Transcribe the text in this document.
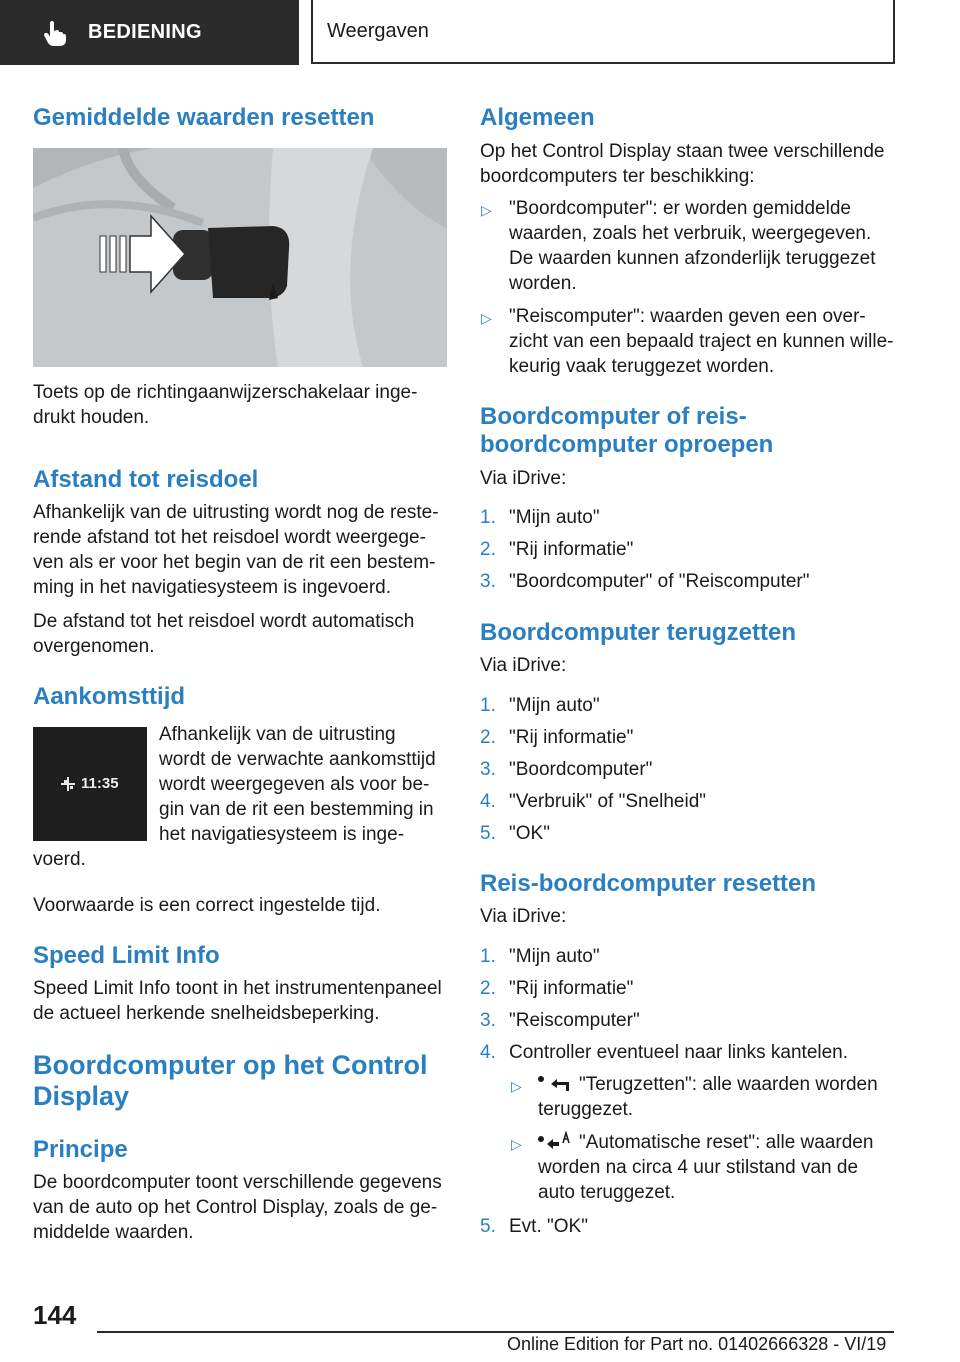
BEDIENING	Weergaven
Gemiddelde waarden resetten

Toets op de richtingaanwijzerschakelaar inge-

drukt houden.

Afstand tot reisdoel

Afhankelijk van de uitrusting wordt nog de reste-

rende afstand tot het reisdoel wordt weergege-

ven als er voor het begin van de rit een bestem-

ming in het navigatiesysteem is ingevoerd.

De afstand tot het reisdoel wordt automatisch

overgenomen.

Aankomsttijd
11:35

Afhankelijk van de uitrusting

wordt de verwachte aankomsttijd

wordt weergegeven als voor be-

gin van de rit een bestemming in

het navigatiesysteem is inge-

voerd.

Voorwaarde is een correct ingestelde tijd.

Speed Limit Info

Speed Limit Info toont in het instrumentenpaneel

de actueel herkende snelheidsbeperking.

Boordcomputer op het Control
Display
Principe

De boordcomputer toont verschillende gegevens

van de auto op het Control Display, zoals de ge-

middelde waarden.

Algemeen

Op het Control Display staan twee verschillende

boordcomputers ter beschikking:

▷ "Boordcomputer": er worden gemiddelde

waarden, zoals het verbruik, weergegeven.

De waarden kunnen afzonderlijk teruggezet

worden.

▷ "Reiscomputer": waarden geven een over-

zicht van een bepaald traject en kunnen wille-

keurig vaak teruggezet worden.

Boordcomputer of reis-
boordcomputer oproepen

Via iDrive:

1. "Mijn auto"

2. "Rij informatie"

3. "Boordcomputer" of "Reiscomputer"

Boordcomputer terugzetten

Via iDrive:

1. "Mijn auto"

2. "Rij informatie"

3. "Boordcomputer"

4. "Verbruik" of "Snelheid"

5. "OK"

Reis-boordcomputer resetten

Via iDrive:

1. "Mijn auto"

2. "Rij informatie"

3. "Reiscomputer"

4. Controller eventueel naar links kantelen.

▷	"Terugzetten": alle waarden worden

teruggezet.

▷	"Automatische reset": alle waarden

worden na circa 4 uur stilstand van de

auto teruggezet.

5. Evt. "OK"

144
Online Edition for Part no. 01402666328 - VI/19
